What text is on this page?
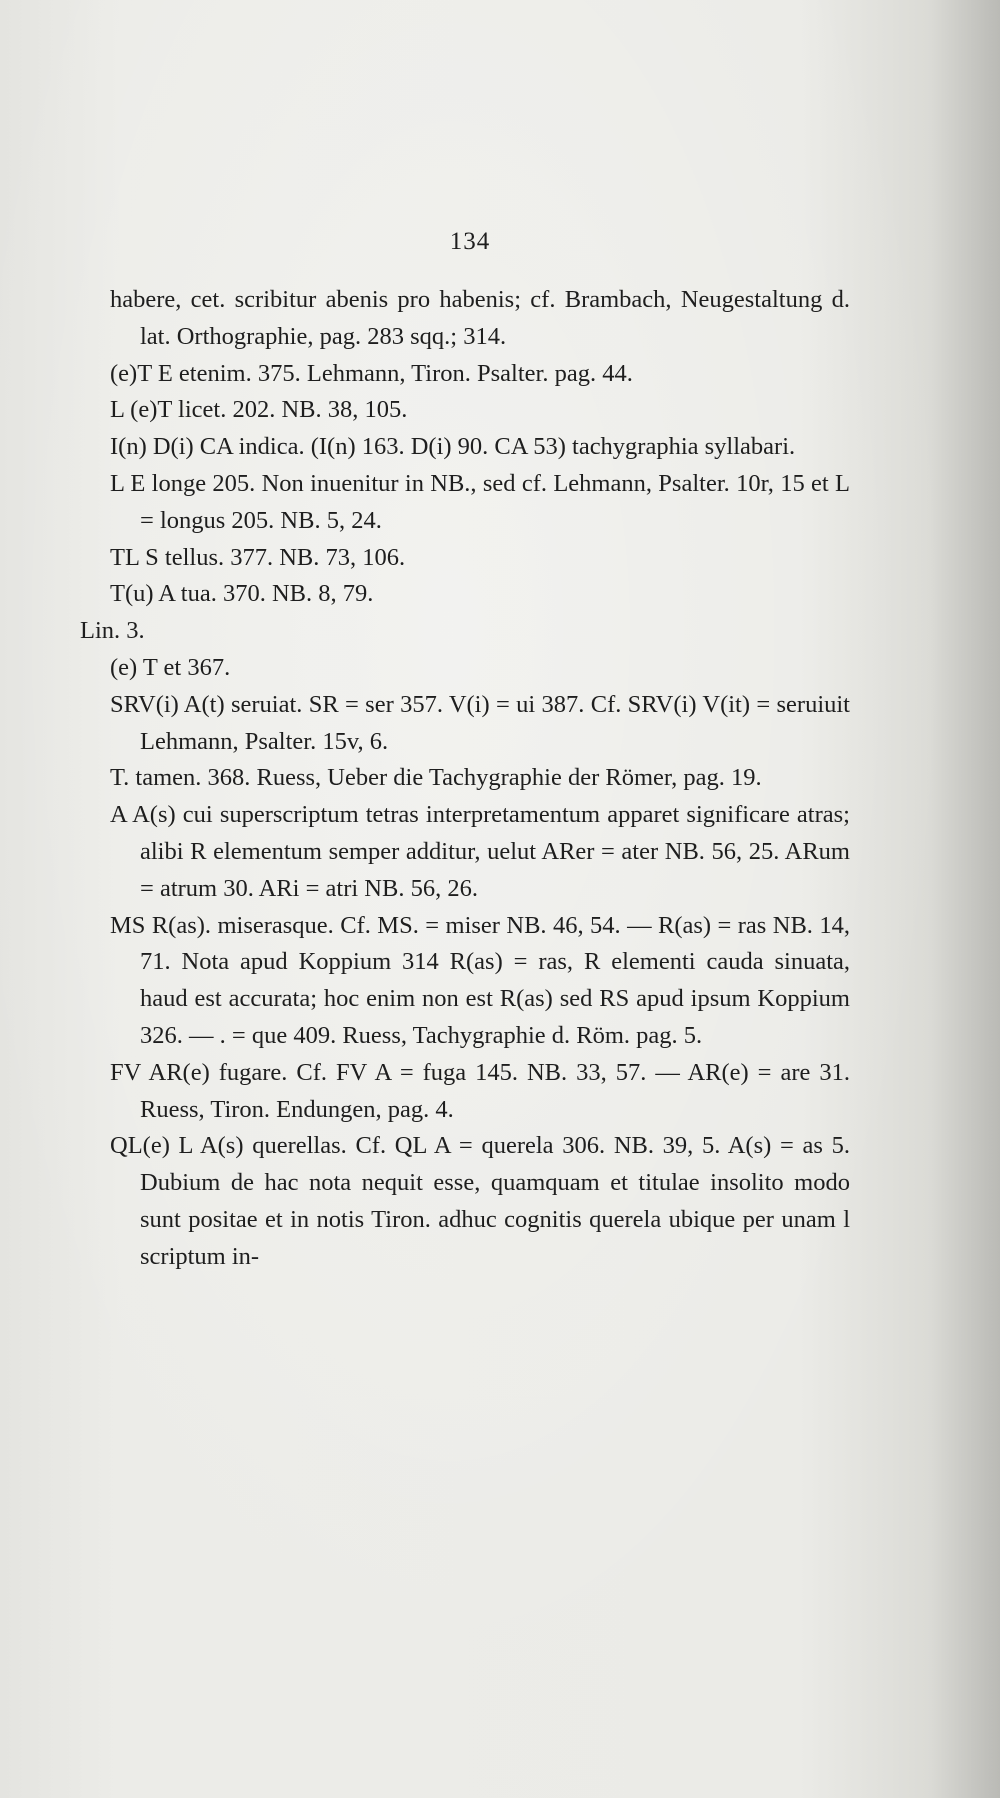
134

habere, cet. scribitur abenis pro habenis; cf. Brambach, Neugestaltung d. lat. Orthographie, pag. 283 sqq.; 314.

(e)T E etenim. 375. Lehmann, Tiron. Psalter. pag. 44.

L (e)T licet. 202. NB. 38, 105.

I(n) D(i) CA indica. (I(n) 163. D(i) 90. CA 53) tachygraphia syllabari.

L E longe 205. Non inuenitur in NB., sed cf. Lehmann, Psalter. 10r, 15 et L = longus 205. NB. 5, 24.

TL S tellus. 377. NB. 73, 106.

T(u) A tua. 370. NB. 8, 79.

Lin. 3.

(e) T et 367.

SRV(i) A(t) seruiat. SR = ser 357. V(i) = ui 387. Cf. SRV(i) V(it) = seruiuit Lehmann, Psalter. 15v, 6.

T. tamen. 368. Ruess, Ueber die Tachygraphie der Römer, pag. 19.

A A(s) cui superscriptum tetras interpretamentum apparet significare atras; alibi R elementum semper additur, uelut ARer = ater NB. 56, 25. ARum = atrum 30. ARi = atri NB. 56, 26.

MS R(as). miserasque. Cf. MS. = miser NB. 46, 54. — R(as) = ras NB. 14, 71. Nota apud Koppium 314 R(as) = ras, R elementi cauda sinuata, haud est accurata; hoc enim non est R(as) sed RS apud ipsum Koppium 326. — . = que 409. Ruess, Tachygraphie d. Röm. pag. 5.

FV AR(e) fugare. Cf. FV A = fuga 145. NB. 33, 57. — AR(e) = are 31. Ruess, Tiron. Endungen, pag. 4.

QL(e) L A(s) querellas. Cf. QL A = querela 306. NB. 39, 5. A(s) = as 5. Dubium de hac nota nequit esse, quamquam et titulae insolito modo sunt positae et in notis Tiron. adhuc cognitis querela ubique per unam l scriptum in-
